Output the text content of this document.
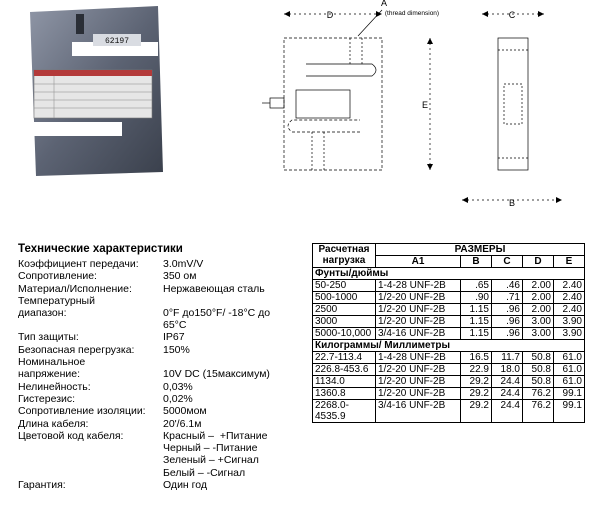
62197
A
(thread dimension)
D
E
C
B
Технические характеристики
Коэффициент передачи: 3.0mV/V
Сопротивление:	350 ом
Материал/Исполнение:	Нержавеющая сталь
Температурный диапазон:	0°F до150°F/ -18°C до 65°C
Тип защиты:	IP67
Безопасная перегрузка:	150%
Номинальное напряжение:	10V DC (15максимум)
Нелинейность:	0,03%
Гистерезис:	0,02%
Сопротивление изоляции: 5000мом
Длина кабеля:	20'/6.1м
Цветовой код кабеля:	Красный –  +Питание
Черный – -Питание
Зеленый – +Сигнал
Белый – -Сигнал
Гарантия:	Один год
Расчетная нагрузка	РАЗМЕРЫ				
	A1	B	C	D	E
Фунты/дюймы					
50-250	1-4-28 UNF-2B	.65	.46	2.00	2.40
500-1000	1/2-20 UNF-2B	.90	.71	2.00	2.40
2500	1/2-20 UNF-2B	1.15	.96	2.00	2.40
3000	1/2-20 UNF-2B	1.15	.96	3.00	3.90
5000-10,000	3/4-16 UNF-2B	1.15	.96	3.00	3.90
Килограммы/ Миллиметры					
22.7-113.4	1-4-28 UNF-2B	16.5	11.7	50.8	61.0
226.8-453.6	1/2-20 UNF-2B	22.9	18.0	50.8	61.0
1134.0	1/2-20 UNF-2B	29.2	24.4	50.8	61.0
1360.8	1/2-20 UNF-2B	29.2	24.4	76.2	99.1
2268.0-4535.9	3/4-16 UNF-2B	29.2	24.4	76.2	99.1
